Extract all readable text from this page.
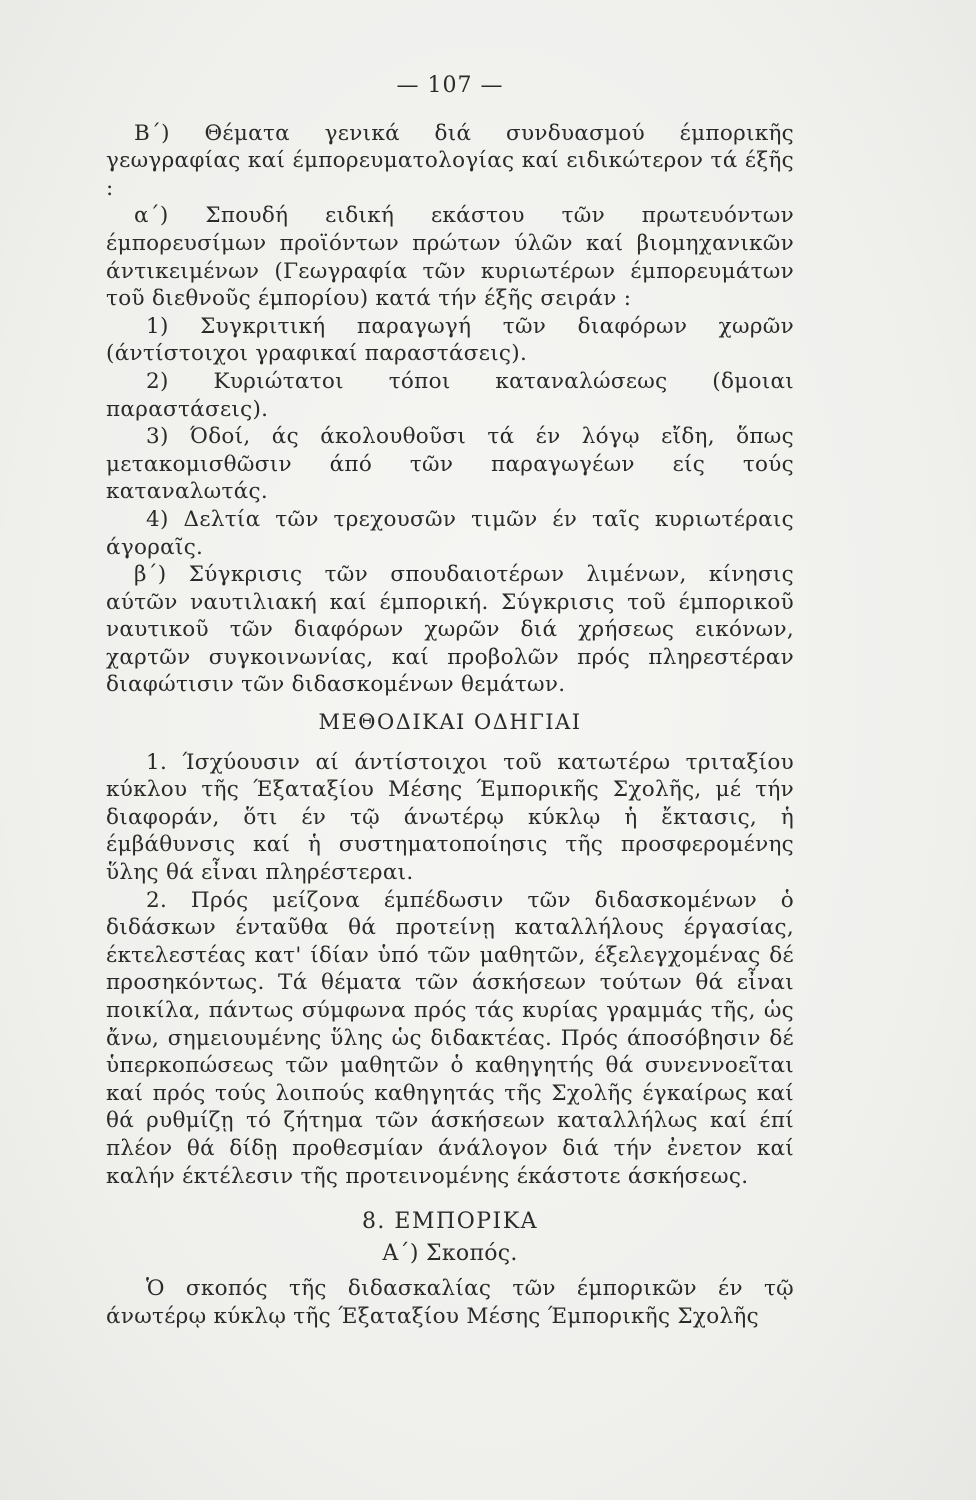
— 107 —

Β΄) Θέματα γενικά διά συνδυασμού έμπορικῆς γεωγραφίας καί έμπορευματολογίας καί ειδικώτερον τά έξῆς :

α΄) Σπουδή ειδική εκάστου τῶν πρωτευόντων έμπορευσίμων προϊόντων πρώτων ύλῶν καί βιομηχανικῶν άντικειμένων (Γεωγραφία τῶν κυριωτέρων έμπορευμάτων τοῦ διεθνοῦς έμπορίου) κατά τήν έξῆς σειράν :

1) Συγκριτική παραγωγή τῶν διαφόρων χωρῶν (άντίστοιχοι γραφικαί παραστάσεις).

2) Κυριώτατοι τόποι καταναλώσεως (δμοιαι παραστάσεις).

3) Όδοί, άς άκολουθοῦσι τά έν λόγῳ εἴδη, ὅπως μετακομισθῶσιν άπό τῶν παραγωγέων είς τούς καταναλωτάς.

4) Δελτία τῶν τρεχουσῶν τιμῶν έν ταῖς κυριωτέραις άγοραῖς.

β΄) Σύγκρισις τῶν σπουδαιοτέρων λιμένων, κίνησις αύτῶν ναυτιλιακή καί έμπορική. Σύγκρισις τοῦ έμπορικοῦ ναυτικοῦ τῶν διαφόρων χωρῶν διά χρήσεως εικόνων, χαρτῶν συγκοινωνίας, καί προβολῶν πρός πληρεστέραν διαφώτισιν τῶν διδασκομένων θεμάτων.

ΜΕΘΟΔΙΚΑΙ ΟΔΗΓΙΑΙ

1. Ίσχύουσιν αί άντίστοιχοι τοῦ κατωτέρω τριταξίου κύκλου τῆς Έξαταξίου Μέσης Έμπορικῆς Σχολῆς, μέ τήν διαφοράν, ὅτι έν τῷ άνωτέρῳ κύκλῳ ἡ ἔκτασις, ἡ έμβάθυνσις καί ἡ συστηματοποίησις τῆς προσφερομένης ὕλης θά εἶναι πληρέστεραι.

2. Πρός μείζονα έμπέδωσιν τῶν διδασκομένων ὁ διδάσκων ένταῦθα θά προτείνῃ καταλλήλους έργασίας, έκτελεστέας κατ' ίδίαν ὑπό τῶν μαθητῶν, έξελεγχομένας δέ προσηκόντως. Τά θέματα τῶν άσκήσεων τούτων θά εἶναι ποικίλα, πάντως σύμφωνα πρός τάς κυρίας γραμμάς τῆς, ὡς ἄνω, σημειουμένης ὕλης ὡς διδακτέας. Πρός άποσόβησιν δέ ὑπερκοπώσεως τῶν μαθητῶν ὁ καθηγητής θά συνεννοεῖται καί πρός τούς λοιπούς καθηγητάς τῆς Σχολῆς έγκαίρως καί θά ρυθμίζῃ τό ζήτημα τῶν άσκήσεων καταλλήλως καί έπί πλέον θά δίδῃ προθεσμίαν άνάλογον διά τήν ἐνετον καί καλήν έκτέλεσιν τῆς προτεινομένης έκάστοτε άσκήσεως.

8. ΕΜΠΟΡΙΚΑ
Α΄) Σκοπός.

Ὁ σκοπός τῆς διδασκαλίας τῶν έμπορικῶν έν τῷ άνωτέρῳ κύκλῳ τῆς Έξαταξίου Μέσης Έμπορικῆς Σχολῆς
